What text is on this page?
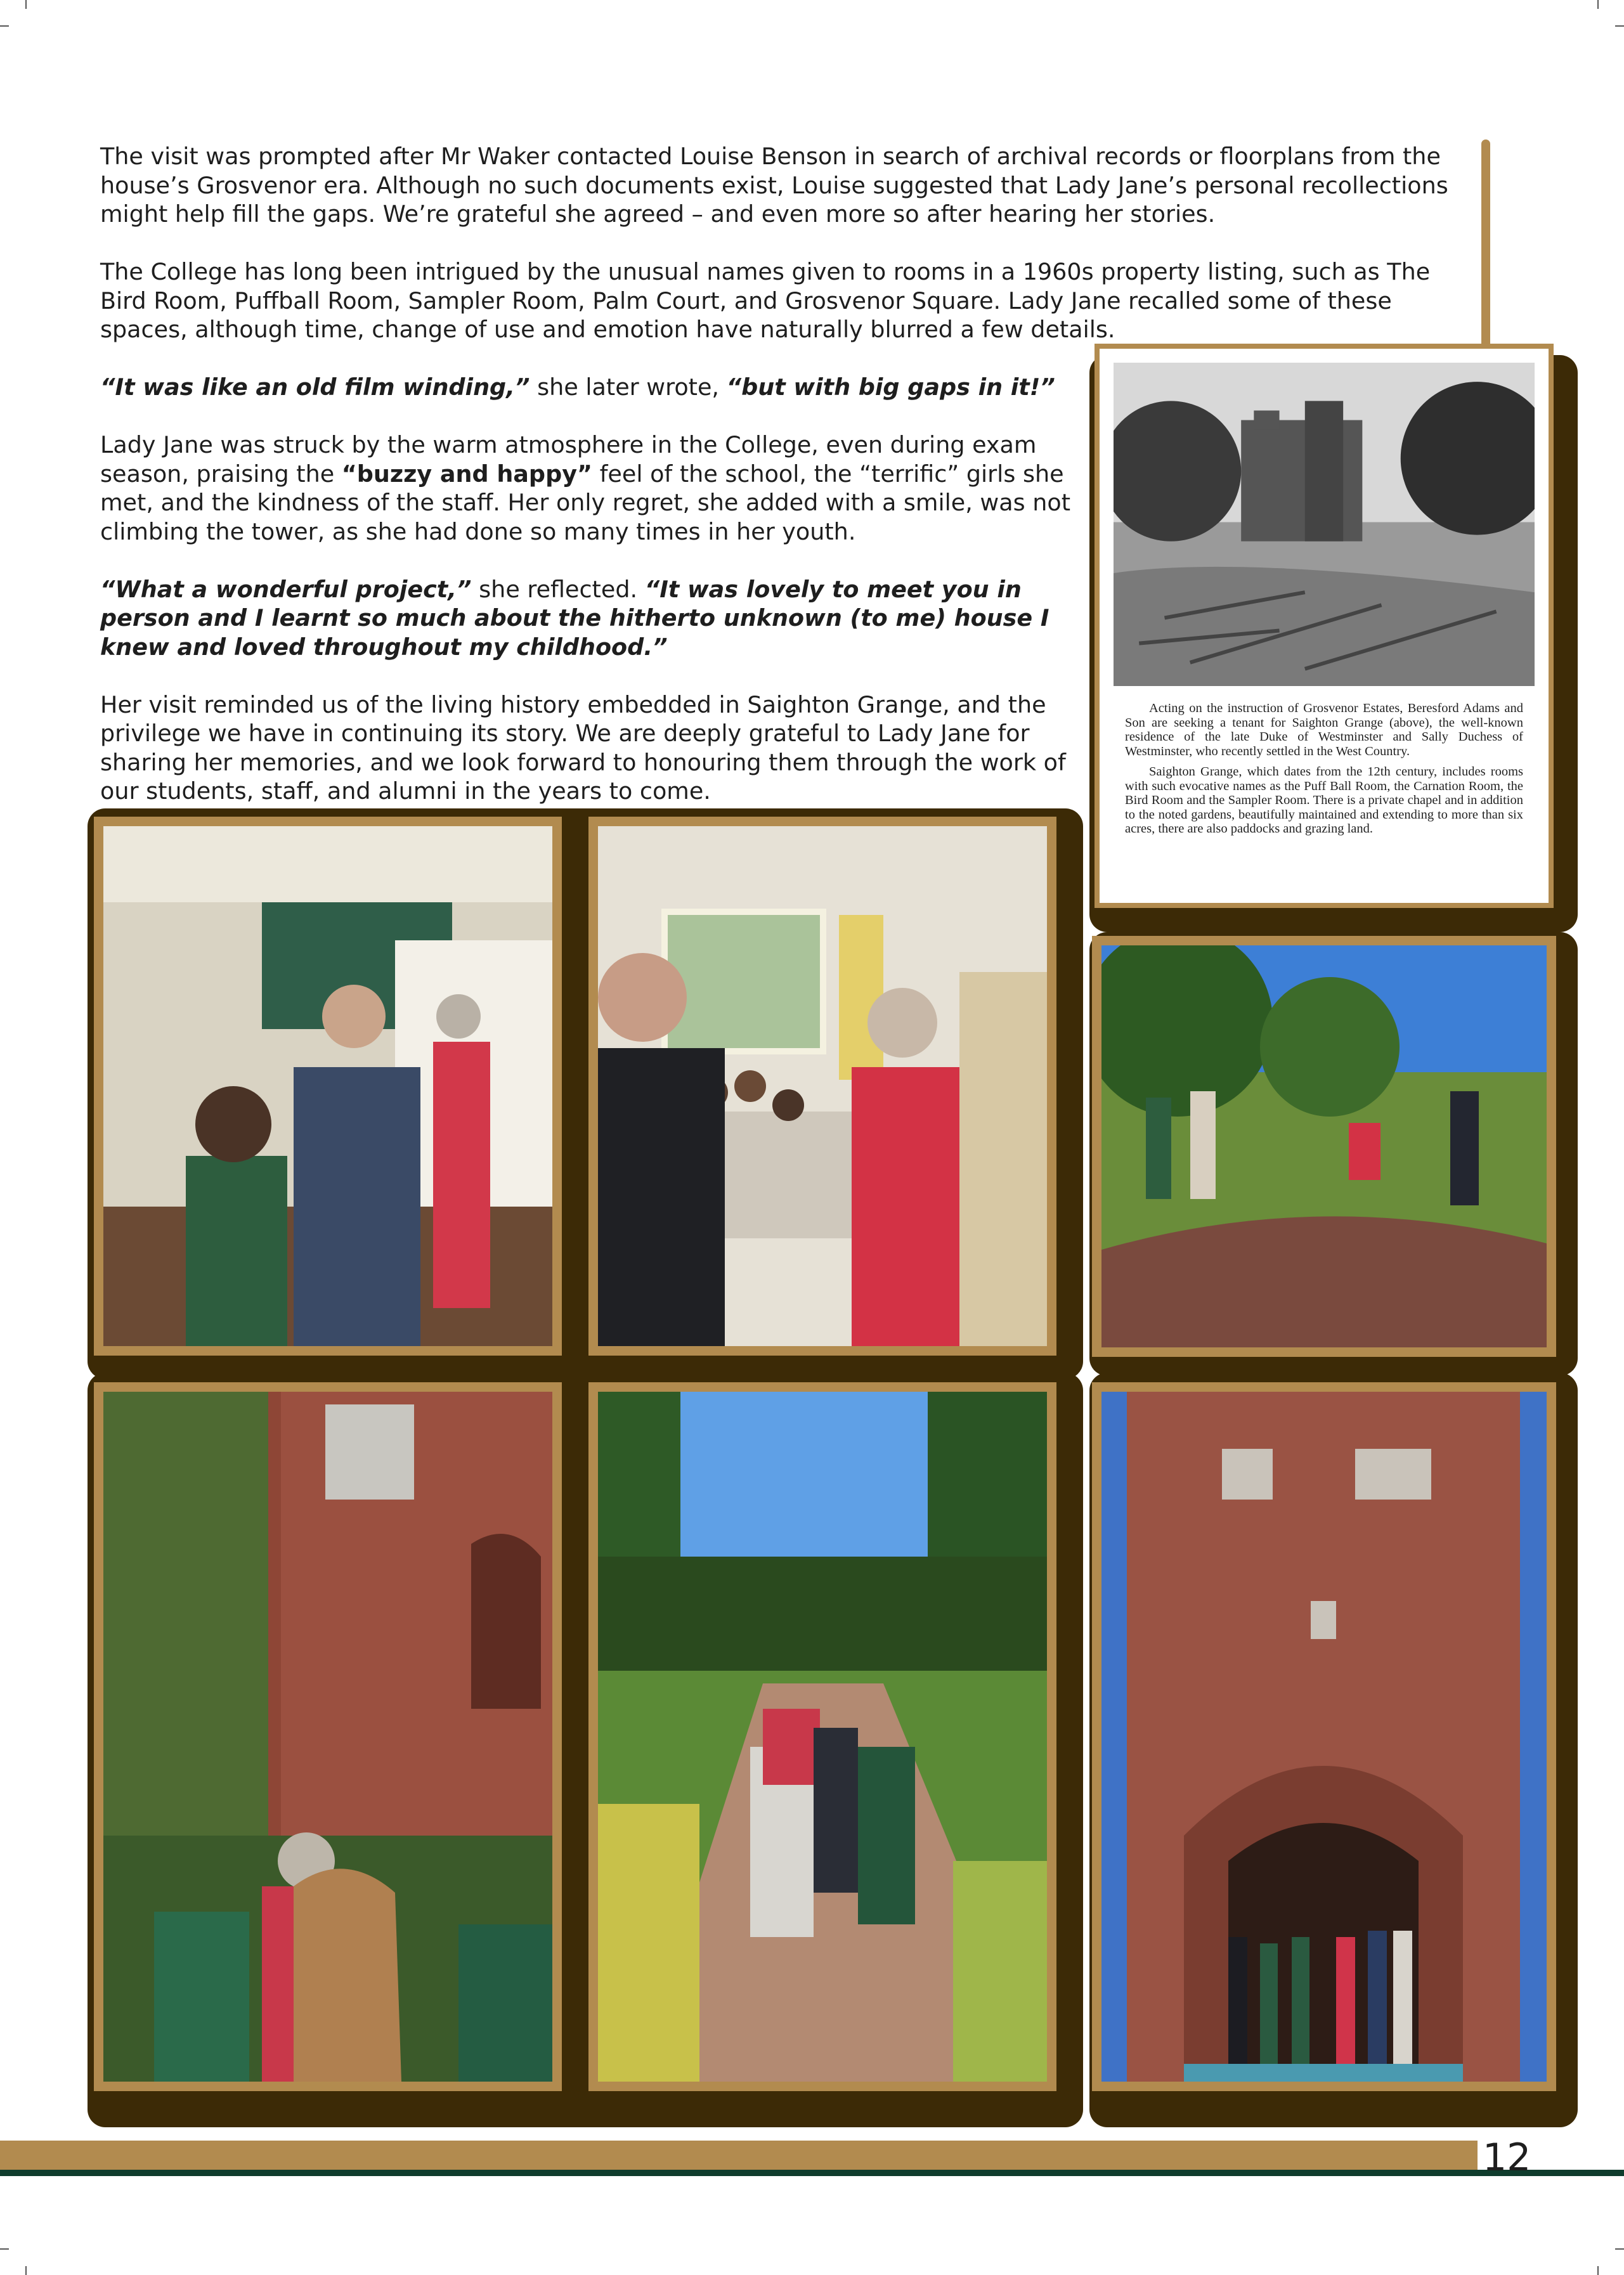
The visit was prompted after Mr Waker contacted Louise Benson in search of archival records or floorplans from the house’s Grosvenor era. Although no such documents exist, Louise suggested that Lady Jane’s personal recollections might help fill the gaps. We’re grateful she agreed – and even more so after hearing her stories.

The College has long been intrigued by the unusual names given to rooms in a 1960s property listing, such as The Bird Room, Puffball Room, Sampler Room, Palm Court, and Grosvenor Square. Lady Jane recalled some of these spaces, although time, change of use and emotion have naturally blurred a few details.

“It was like an old film winding,” she later wrote, “but with big gaps in it!”

Lady Jane was struck by the warm atmosphere in the College, even during exam season, praising the “buzzy and happy” feel of the school, the “terrific” girls she met, and the kindness of the staff. Her only regret, she added with a smile, was not climbing the tower, as she had done so many times in her youth.

“What a wonderful project,” she reflected. “It was lovely to meet you in person and I learnt so much about the hitherto unknown (to me) house I knew and loved throughout my childhood.”

Her visit reminded us of the living history embedded in Saighton Grange, and the privilege we have in continuing its story. We are deeply grateful to Lady Jane for sharing her memories, and we look forward to honouring them through the work of our students, staff, and alumni in the years to come.

Acting on the instruction of Grosvenor Estates, Beresford Adams and Son are seeking a tenant for Saighton Grange (above), the well-known residence of the late Duke of Westminster and Sally Duchess of Westminster, who recently settled in the West Country.

Saighton Grange, which dates from the 12th century, includes rooms with such evocative names as the Puff Ball Room, the Carnation Room, the Bird Room and the Sampler Room. There is a private chapel and in addition to the noted gardens, beautifully maintained and extending to more than six acres, there are also paddocks and grazing land.

12
